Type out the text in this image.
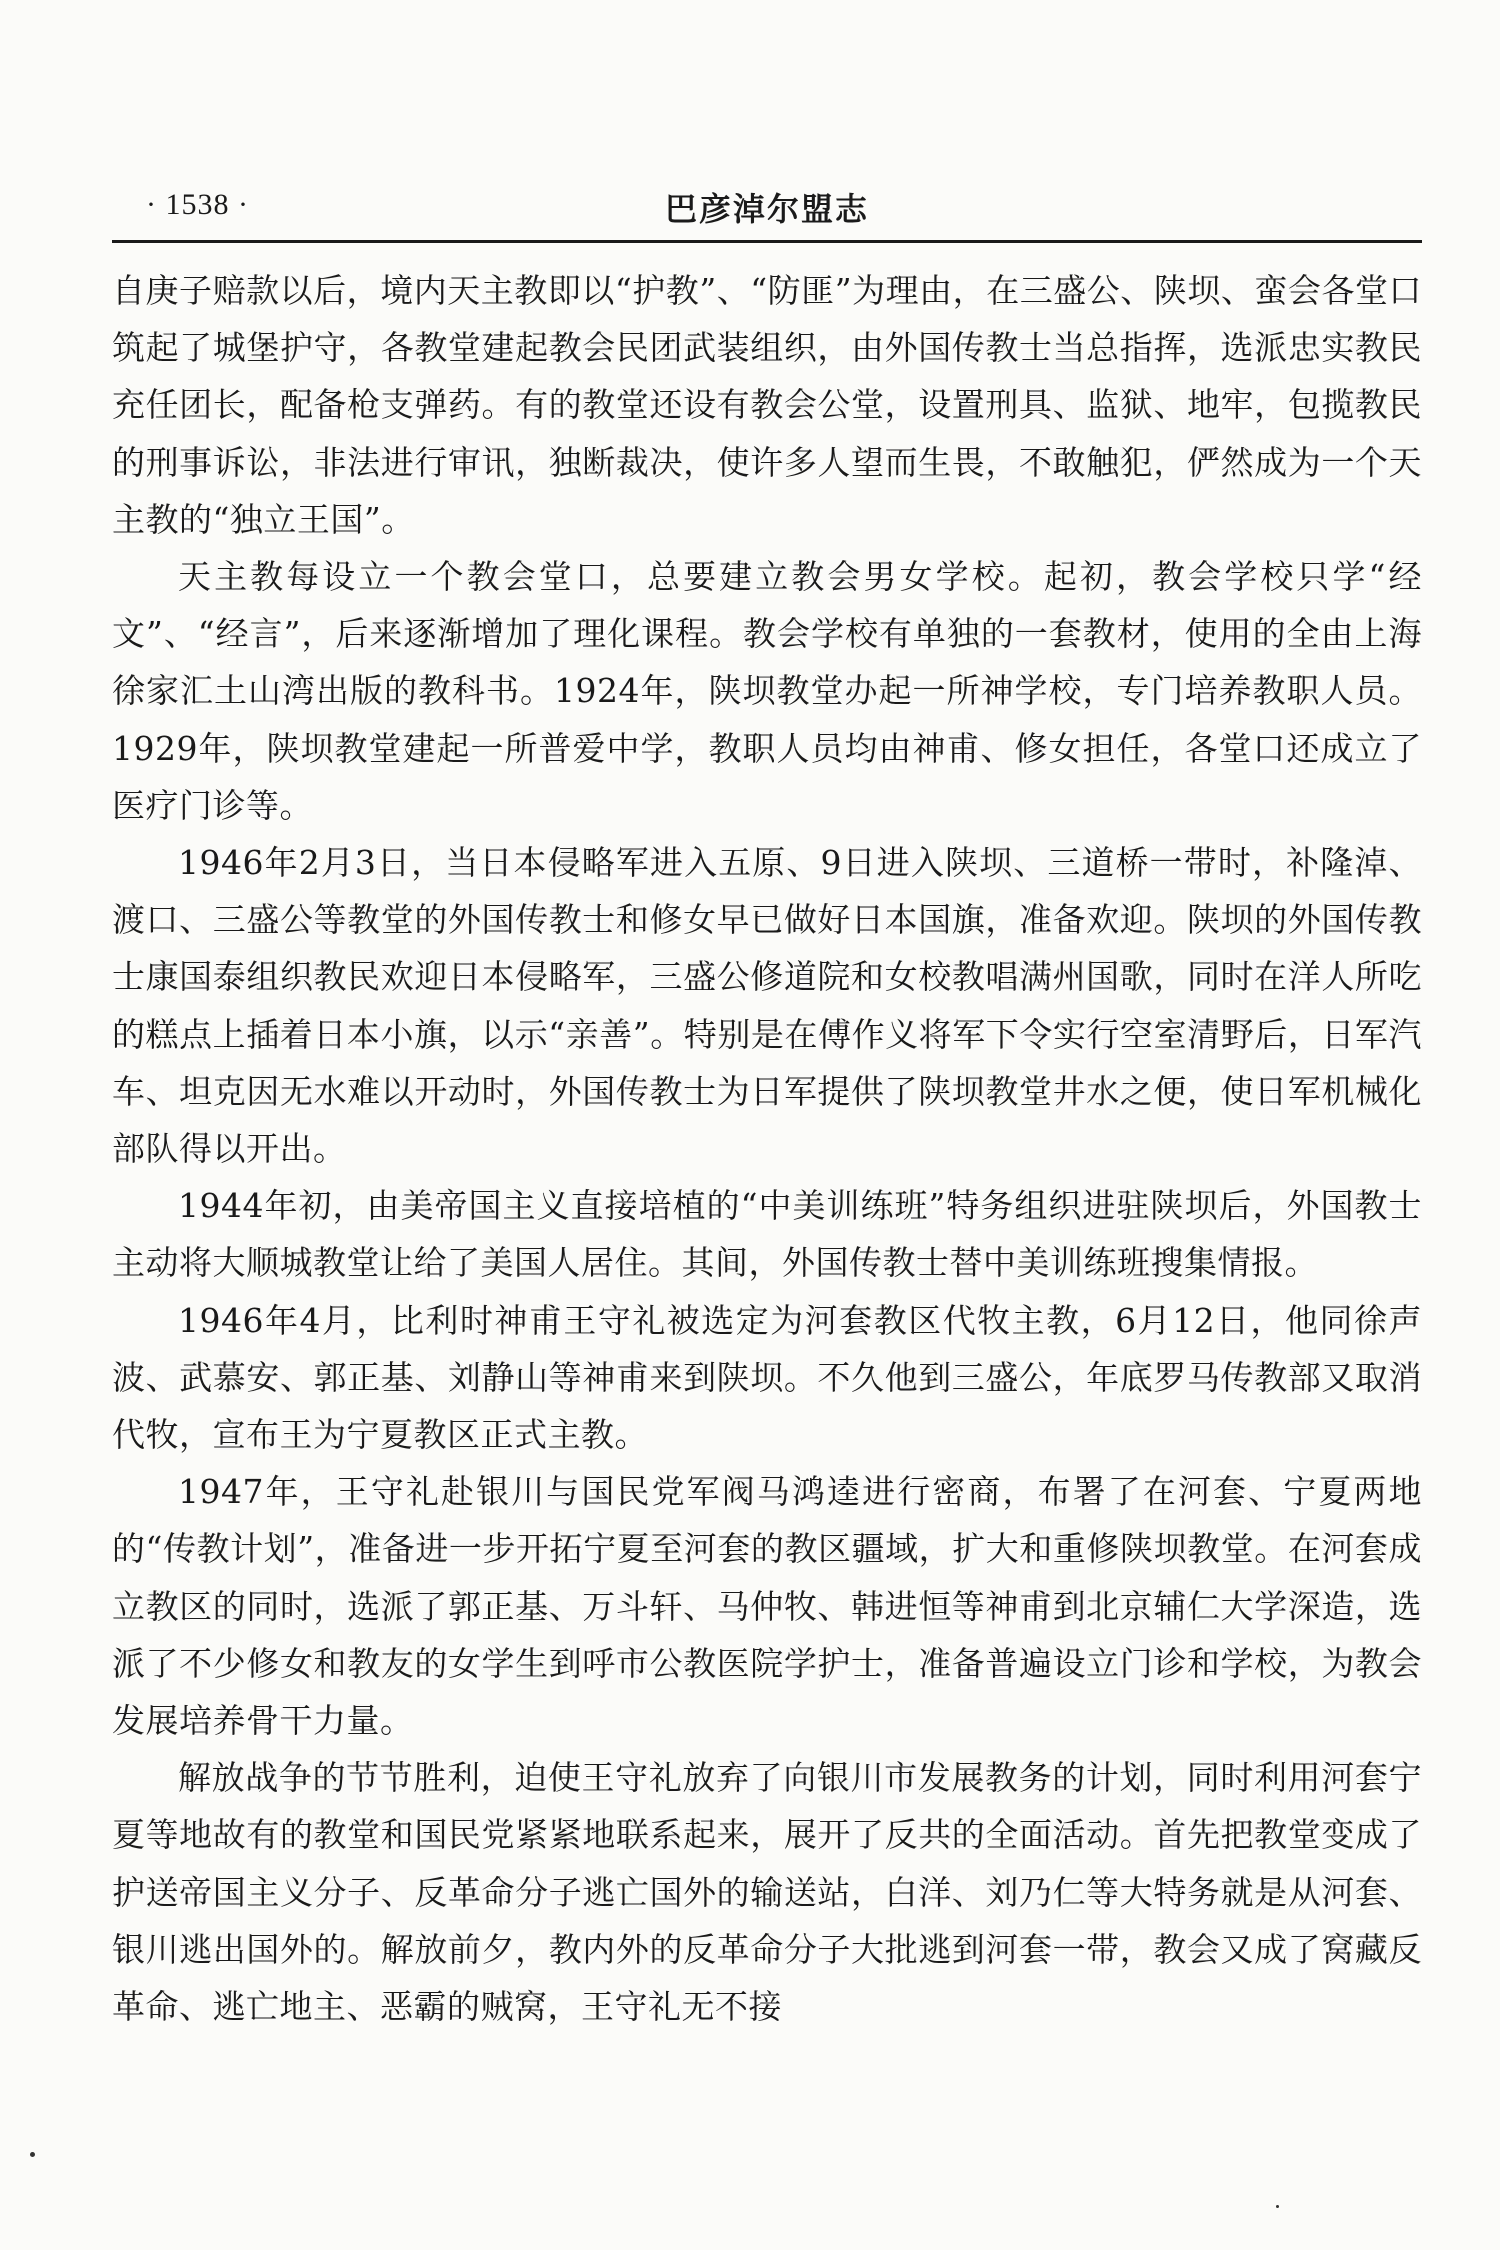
· 1538 ·	巴彦淖尔盟志

自庚子赔款以后，境内天主教即以“护教”、“防匪”为理由，在三盛公、陕坝、蛮会各堂口筑起了城堡护守，各教堂建起教会民团武装组织，由外国传教士当总指挥，选派忠实教民充任团长，配备枪支弹药。有的教堂还设有教会公堂，设置刑具、监狱、地牢，包揽教民的刑事诉讼，非法进行审讯，独断裁决，使许多人望而生畏，不敢触犯，俨然成为一个天主教的“独立王国”。

天主教每设立一个教会堂口，总要建立教会男女学校。起初，教会学校只学“经文”、“经言”，后来逐渐增加了理化课程。教会学校有单独的一套教材，使用的全由上海徐家汇土山湾出版的教科书。1924年，陕坝教堂办起一所神学校，专门培养教职人员。1929年，陕坝教堂建起一所普爱中学，教职人员均由神甫、修女担任，各堂口还成立了医疗门诊等。

1946年2月3日，当日本侵略军进入五原、9日进入陕坝、三道桥一带时，补隆淖、渡口、三盛公等教堂的外国传教士和修女早已做好日本国旗，准备欢迎。陕坝的外国传教士康国泰组织教民欢迎日本侵略军，三盛公修道院和女校教唱满州国歌，同时在洋人所吃的糕点上插着日本小旗，以示“亲善”。特别是在傅作义将军下令实行空室清野后，日军汽车、坦克因无水难以开动时，外国传教士为日军提供了陕坝教堂井水之便，使日军机械化部队得以开出。

1944年初，由美帝国主义直接培植的“中美训练班”特务组织进驻陕坝后，外国教士主动将大顺城教堂让给了美国人居住。其间，外国传教士替中美训练班搜集情报。

1946年4月，比利时神甫王守礼被选定为河套教区代牧主教，6月12日，他同徐声波、武慕安、郭正基、刘静山等神甫来到陕坝。不久他到三盛公，年底罗马传教部又取消代牧，宣布王为宁夏教区正式主教。

1947年，王守礼赴银川与国民党军阀马鸿逵进行密商，布署了在河套、宁夏两地的“传教计划”，准备进一步开拓宁夏至河套的教区疆域，扩大和重修陕坝教堂。在河套成立教区的同时，选派了郭正基、万斗轩、马仲牧、韩进恒等神甫到北京辅仁大学深造，选派了不少修女和教友的女学生到呼市公教医院学护士，准备普遍设立门诊和学校，为教会发展培养骨干力量。

解放战争的节节胜利，迫使王守礼放弃了向银川市发展教务的计划，同时利用河套宁夏等地故有的教堂和国民党紧紧地联系起来，展开了反共的全面活动。首先把教堂变成了护送帝国主义分子、反革命分子逃亡国外的输送站，白洋、刘乃仁等大特务就是从河套、银川逃出国外的。解放前夕，教内外的反革命分子大批逃到河套一带，教会又成了窝藏反革命、逃亡地主、恶霸的贼窝，王守礼无不接
